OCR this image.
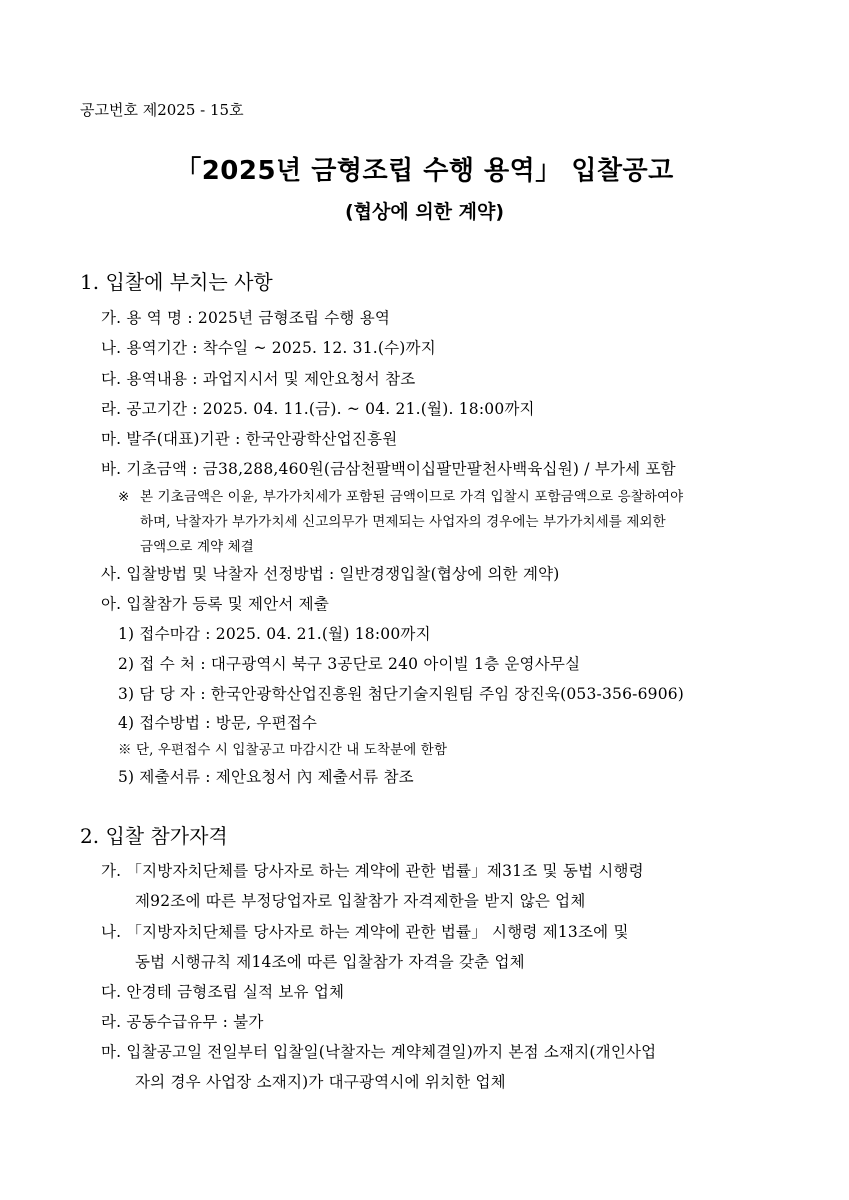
공고번호 제2025 - 15호
「2025년 금형조립 수행 용역」 입찰공고
(협상에 의한 계약)
1. 입찰에 부치는 사항
가. 용 역 명 : 2025년 금형조립 수행 용역
나. 용역기간 : 착수일 ~ 2025. 12. 31.(수)까지
다. 용역내용 : 과업지시서 및 제안요청서 참조
라. 공고기간 : 2025. 04. 11.(금). ~ 04. 21.(월). 18:00까지
마. 발주(대표)기관 : 한국안광학산업진흥원
바. 기초금액 : 금38,288,460원(금삼천팔백이십팔만팔천사백육십원) / 부가세 포함
※ 본 기초금액은 이윤, 부가가치세가 포함된 금액이므로 가격 입찰시 포함금액으로 응찰하여야
하며, 낙찰자가 부가가치세 신고의무가 면제되는 사업자의 경우에는 부가가치세를 제외한
금액으로 계약 체결
사. 입찰방법 및 낙찰자 선정방법 : 일반경쟁입찰(협상에 의한 계약)
아. 입찰참가 등록 및 제안서 제출
1) 접수마감 : 2025. 04. 21.(월) 18:00까지
2) 접 수 처 : 대구광역시 북구 3공단로 240 아이빌 1층 운영사무실
3) 담 당 자 : 한국안광학산업진흥원 첨단기술지원팀 주임 장진욱(053-356-6906)
4) 접수방법 : 방문, 우편접수
※ 단, 우편접수 시 입찰공고 마감시간 내 도착분에 한함
5) 제출서류 : 제안요청서 內 제출서류 참조
2. 입찰 참가자격
가. 「지방자치단체를 당사자로 하는 계약에 관한 법률」제31조 및 동법 시행령
제92조에 따른 부정당업자로 입찰참가 자격제한을 받지 않은 업체
나. 「지방자치단체를 당사자로 하는 계약에 관한 법률」 시행령 제13조에 및
동법 시행규칙 제14조에 따른 입찰참가 자격을 갖춘 업체
다. 안경테 금형조립 실적 보유 업체
라. 공동수급유무 : 불가
마. 입찰공고일 전일부터 입찰일(낙찰자는 계약체결일)까지 본점 소재지(개인사업
자의 경우 사업장 소재지)가 대구광역시에 위치한 업체
